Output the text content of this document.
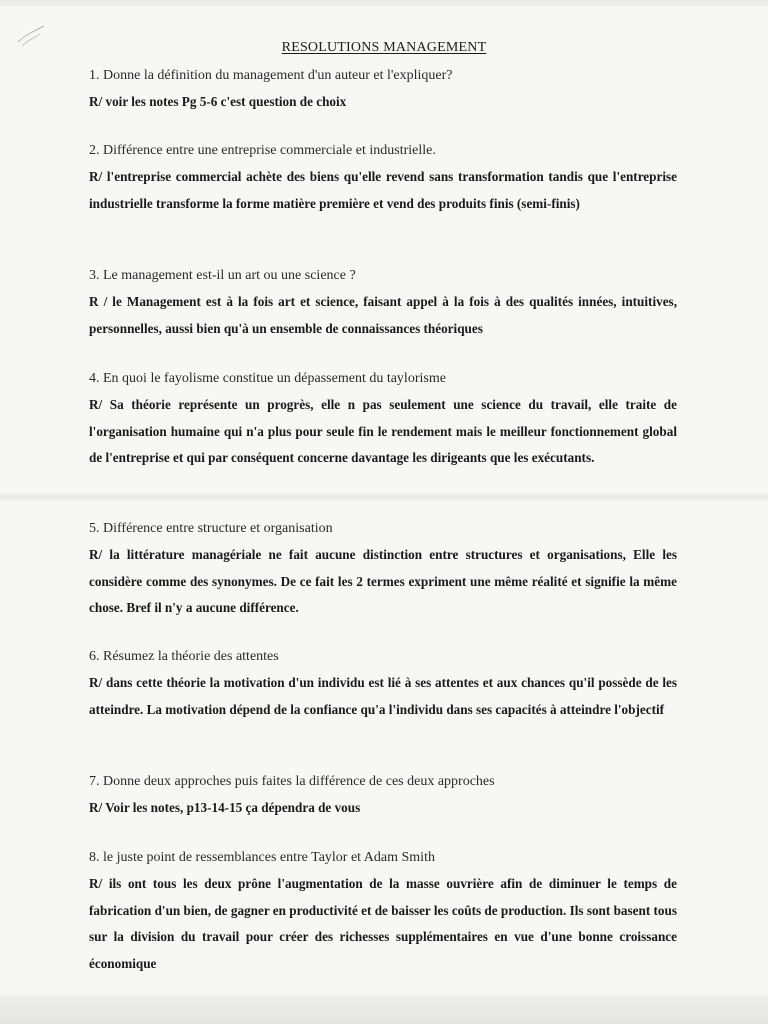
RESOLUTIONS MANAGEMENT

1. Donne la définition du management d'un auteur et l'expliquer?

R/ voir les notes Pg 5-6 c'est question de choix

2. Différence entre une entreprise commerciale et industrielle.

R/ l'entreprise commercial achète des biens qu'elle revend sans transformation tandis que l'entreprise industrielle transforme la forme matière première et vend des produits finis (semi-finis)

3. Le management est-il un art ou une science ?

R / le Management est à la fois art et science, faisant appel à la fois à des qualités innées, intuitives, personnelles, aussi bien qu'à un ensemble de connaissances théoriques

4. En quoi le fayolisme constitue un dépassement du taylorisme

R/ Sa théorie représente un progrès, elle n pas seulement une science du travail, elle traite de l'organisation humaine qui n'a plus pour seule fin le rendement mais le meilleur fonctionnement global de l'entreprise et qui par conséquent concerne davantage les dirigeants que les exécutants.

5. Différence entre structure et organisation

R/ la littérature managériale ne fait aucune distinction entre structures et organisations, Elle les considère comme des synonymes. De ce fait les 2 termes expriment une même réalité et signifie la même chose. Bref il n'y a aucune différence.

6. Résumez la théorie des attentes

R/ dans cette théorie la motivation d'un individu est lié à ses attentes et aux chances qu'il possède de les atteindre. La motivation dépend de la confiance qu'a l'individu dans ses capacités à atteindre l'objectif

7. Donne deux approches puis faites la différence de ces deux approches

R/ Voir les notes, p13-14-15 ça dépendra de vous

8. le juste point de ressemblances entre Taylor et Adam Smith

R/ ils ont tous les deux prône l'augmentation de la masse ouvrière afin de diminuer le temps de fabrication d'un bien, de gagner en productivité et de baisser les coûts de production. Ils sont basent tous sur la division du travail pour créer des richesses supplémentaires en vue d'une bonne croissance économique
